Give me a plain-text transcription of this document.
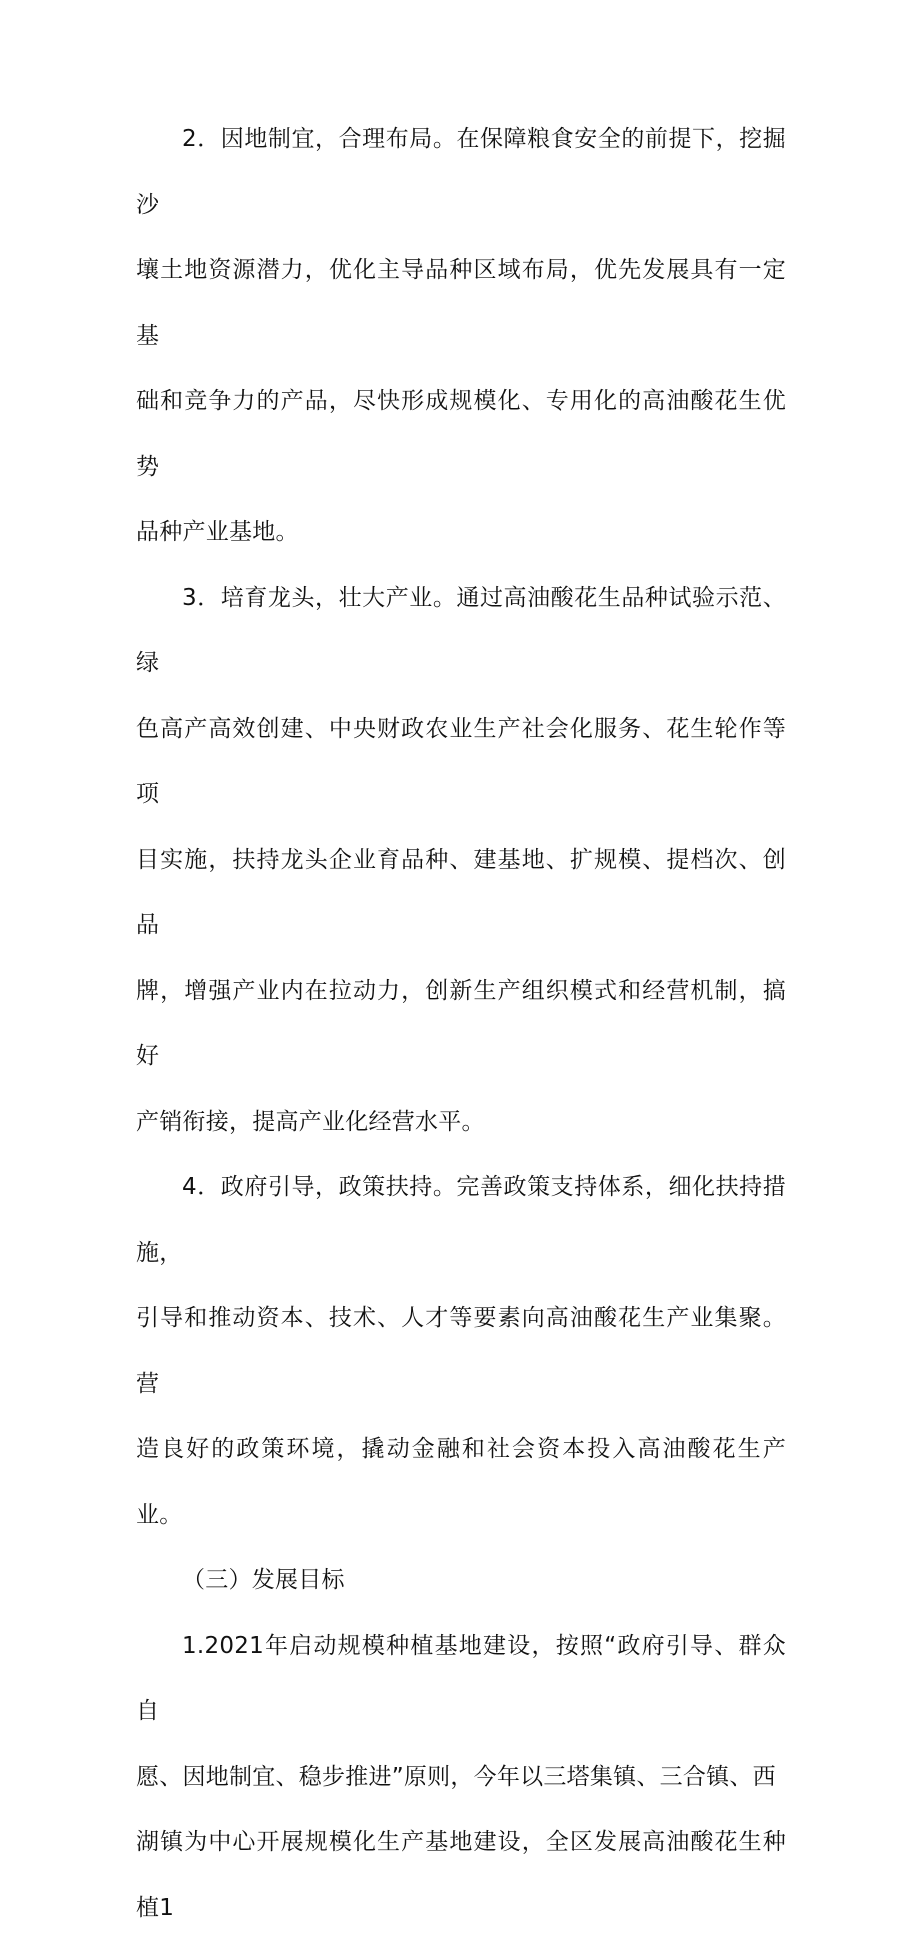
2．因地制宜，合理布局。在保障粮食安全的前提下，挖掘沙
壤土地资源潜力，优化主导品种区域布局，优先发展具有一定基
础和竞争力的产品，尽快形成规模化、专用化的高油酸花生优势
品种产业基地。

3．培育龙头，壮大产业。通过高油酸花生品种试验示范、绿
色高产高效创建、中央财政农业生产社会化服务、花生轮作等项
目实施，扶持龙头企业育品种、建基地、扩规模、提档次、创品
牌，增强产业内在拉动力，创新生产组织模式和经营机制，搞好
产销衔接，提高产业化经营水平。

4．政府引导，政策扶持。完善政策支持体系，细化扶持措施，
引导和推动资本、技术、人才等要素向高油酸花生产业集聚。营
造良好的政策环境，撬动金融和社会资本投入高油酸花生产业。

（三）发展目标

1.2021年启动规模种植基地建设，按照“政府引导、群众自
愿、因地制宜、稳步推进”原则，今年以三塔集镇、三合镇、西
湖镇为中心开展规模化生产基地建设，全区发展高油酸花生种植1
